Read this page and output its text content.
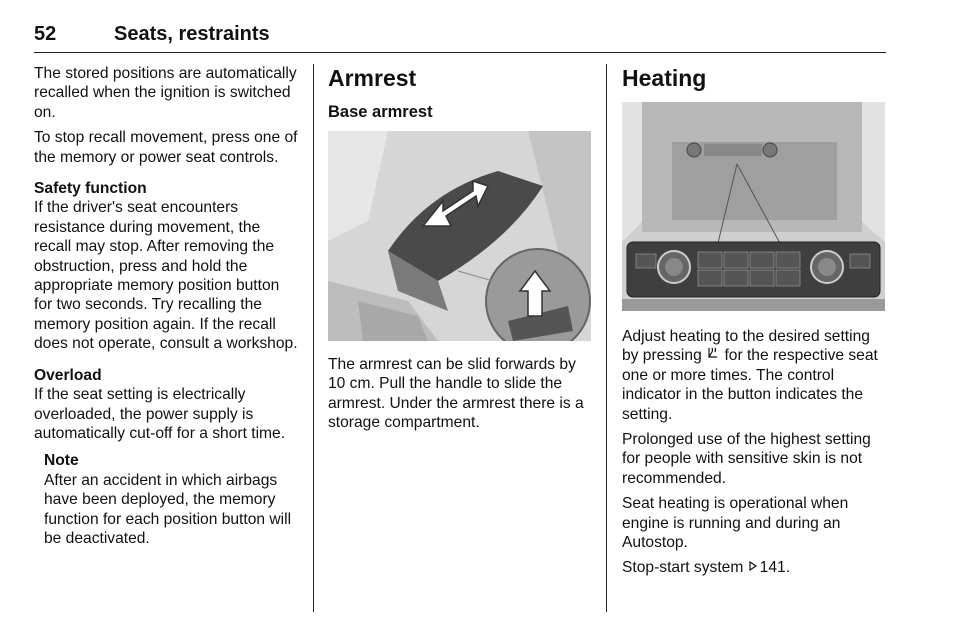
52	Seats, restraints

The stored positions are automatically recalled when the ignition is switched on.

To stop recall movement, press one of the memory or power seat controls.

Safety function

If the driver's seat encounters resistance during movement, the recall may stop. After removing the obstruction, press and hold the appropriate memory position button for two seconds. Try recalling the memory position again. If the recall does not operate, consult a workshop.

Overload

If the seat setting is electrically overloaded, the power supply is automatically cut-off for a short time.

Note
After an accident in which airbags have been deployed, the memory function for each position button will be deactivated.
Armrest
Base armrest

The armrest can be slid forwards by 10 cm. Pull the handle to slide the armrest. Under the armrest there is a storage compartment.

Heating

Adjust heating to the desired setting by pressing for the respective seat one or more times. The control indicator in the button indicates the setting.

Prolonged use of the highest setting for people with sensitive skin is not recommended.

Seat heating is operational when engine is running and during an Autostop.

Stop-start system 141.
